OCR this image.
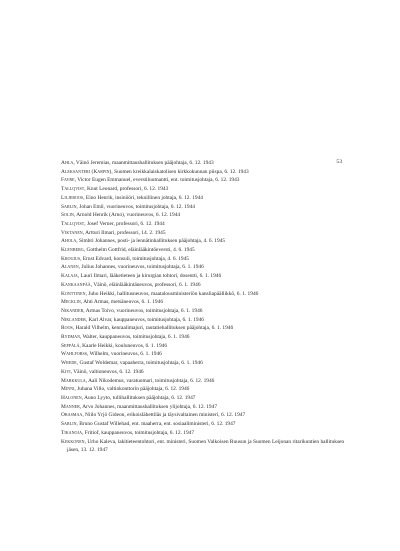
53
Ahla, Väinö Jeremias, maanmittaushallituksen pääjohtaja, 6. 12. 1943
Aleksanteri (Karpin), Suomen kreikkalaiskatolisen kirkkokunnan piispa, 6. 12. 1943
Favre, Victor Eugen Emmanuel, everstiluutnantti, ent. toimitusjohtaja, 6. 12. 1943
Tallqvist, Knut Leonard, professori, 6. 12. 1943
Liljeroos, Eino Henrik, insinööri, teknillinen johtaja, 6. 12. 1944
Sarlin, Johan Emil, vuorineuvos, toimitusjohtaja, 6. 12. 1944
Solin, Arnold Henrik (Arno), vuorineuvos, 6. 12. 1944
Tallqvist, Josef Verner, professori, 6. 12. 1944
Viktanen, Artturi Ilmari, professori, 14. 2. 1945
Ahola, Simbri Johannes, posti- ja lennätinhallituksen pääjohtaja, 4. 6. 1945
Klenberg, Gotthelm Gottfrid, eläinlääkintöeversti, 4. 6. 1945
Krogius, Ernst Edvard, konsuli, toimitusjohtaja, 4. 6. 1945
Alanen, Julius Johannes, vuorineuvos, toimitusjohtaja, 6. 1. 1946
Kalaja, Lauri Ilmari, lääketieteen ja kirurgian tohtori, dosentti, 6. 1. 1946
Kankaanpää, Väinö, eläinlääkintäneuvos, professori, 6. 1. 1946
Konttinen, Juho Heikki, hallitusneuvos, maatalousministeriön kansliapäällikkö, 6. 1. 1946
Mecklin, Ahti Armas, metsäneuvos, 6. 1. 1946
Nikander, Armas Toivo, vuorineuvos, toimitusjohtaja, 6. 1. 1946
Niklander, Karl Alvar, kauppaneuvos, toimitusjohtaja, 6. 1. 1946
Roos, Harald Vilhelm, kenraalimajuri, rautatiehallituksen pääjohtaja, 6. 1. 1946
Rydman, Walter, kauppaneuvos, toimitusjohtaja, 6. 1. 1946
Seppälä, Kaarle Heikki, kouluneuvos, 6. 1. 1946
Wahlforss, Wilhelm, vuorineuvos, 6. 1. 1946
Wrede, Gustaf Woldemar, vapaaherra, toimitusjohtaja, 6. 1. 1946
Kivi, Väinö, valtioneuvos, 6. 12. 1946
Markkula, Aali Nikodemus, varatuomari, toimitusjohtaja, 6. 12. 1946
Minni, Juhana Villo, valtiokonttorin pääjohtaja, 6. 12. 1946
Halonen, Auno Lyyto, tullihallituksen pääjohtaja, 6. 12. 1947
Manner, Arvo Johannes, maanmittaushallituksen ylijohtaja, 6. 12. 1947
Orasmaa, Niilo Yrjö Gideon, erikoislähettiläs ja täysivaltainen ministeri, 6. 12. 1947
Sarlin, Bruno Gustaf Willehad, ent. maaherra, ent. sosiaaliministeri, 6. 12. 1947
Tikanoja, Fritiof, kauppaneuvos, toimitusjohtaja, 6. 12. 1947
Kekkonen, Urho Kaleva, lakitieteentohtori, ent. ministeri, Suomen Valkoisen Ruusun ja Suomen Leijonan ritarikuntien hallituksen jäsen, 13. 12. 1947
